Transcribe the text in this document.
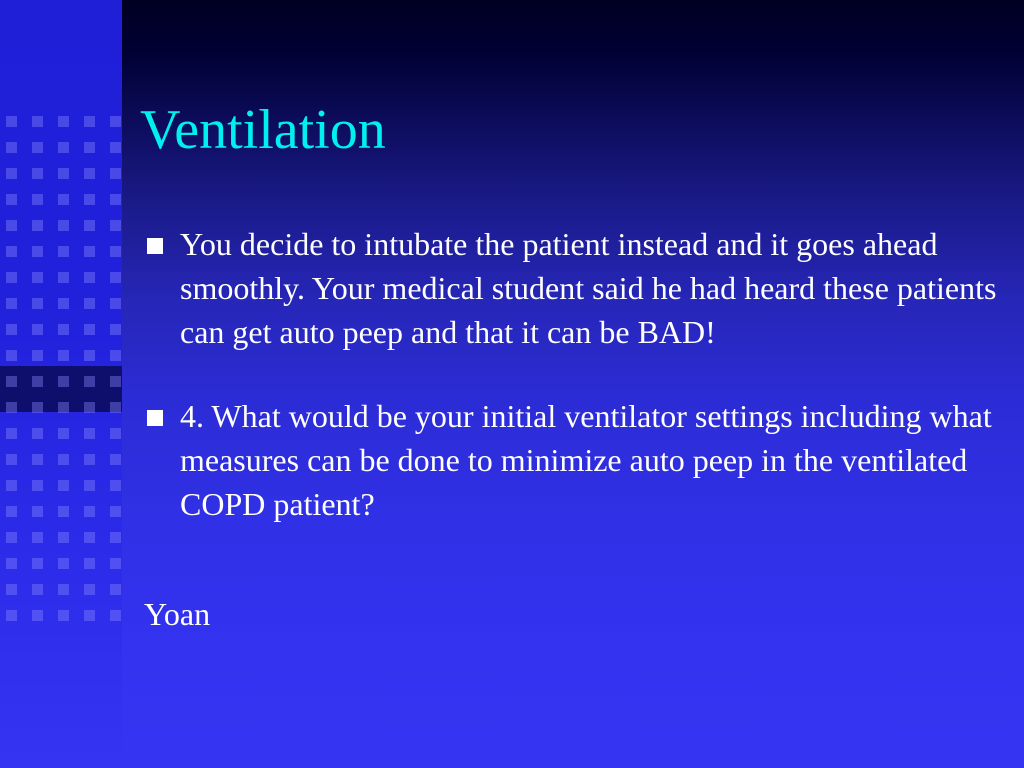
Ventilation
You decide to intubate the patient instead and it goes ahead smoothly. Your medical student said he had heard these patients can get auto peep and that it can be BAD!
4. What would be your initial ventilator settings including what measures can be done to minimize auto peep in the ventilated COPD patient?
Yoan
